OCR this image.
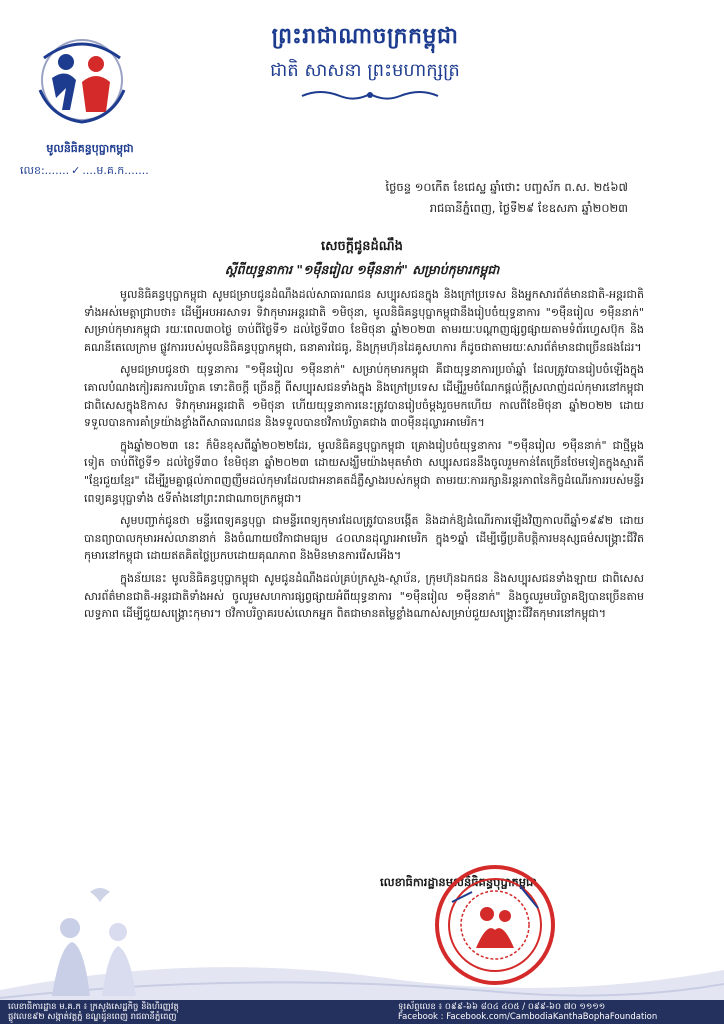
មូលនិធិគន្ធបុប្ផាកម្ពុជា
លេខ:....... ✓ ....ម.គ.ក.......
ព្រះរាជាណាចក្រកម្ពុជា
ជាតិ សាសនា ព្រះមហាក្សត្រ
ថ្ងៃចន្ទ ១០កើត ខែជេស្ឋ ឆ្នាំថោះ បញ្ចស័ក ព.ស. ២៥៦៧
រាជធានីភ្នំពេញ, ថ្ងៃទី២៩ ខែឧសភា ឆ្នាំ២០២៣
សេចក្តីជូនដំណឹង
ស្តីពីយុទ្ធនាការ "១ម៉ឺនរៀល ១ម៉ឺននាក់" សម្រាប់កុមារកម្ពុជា

មូលនិធិគន្ធបុប្ផាកម្ពុជា សូមជម្រាបជូនដំណឹងដល់សាធារណជន សប្បុរសជនក្នុង និងក្រៅប្រទេស និងអ្នកសារព័ត៌មានជាតិ-អន្តរជាតិទាំងអស់មេត្តាជ្រាបថា៖ ដើម្បីអបអរសាទរ ទិវាកុមារអន្តរជាតិ ១មិថុនា, មូលនិធិគន្ធបុប្ផាកម្ពុជានឹងរៀបចំយុទ្ធនាការ "១ម៉ឺនរៀល ១ម៉ឺននាក់" សម្រាប់កុមារកម្ពុជា រយៈពេល៣០ថ្ងៃ ចាប់ពីថ្ងៃទី១ ដល់ថ្ងៃទី៣០ ខែមិថុនា ឆ្នាំ២០២៣ តាមរយៈបណ្តាញផ្សព្វផ្សាយតាមទំព័រហ្វេសប៊ុក និងគណនីតេលេក្រាម ផ្លូវការរបស់មូលនិធិគន្ធបុប្ផាកម្ពុជា, ធនាគារជៃធូ, និងក្រុមហ៊ុនដៃគូសហការ ក៏ដូចជាតាមរយៈសារព័ត៌មានជាច្រើនផងដែរ។

សូមជម្រាបជូនថា យុទ្ធនាការ "១ម៉ឺនរៀល ១ម៉ឺននាក់" សម្រាប់កុមារកម្ពុជា គឺជាយុទ្ធនាការប្រចាំឆ្នាំ ដែលត្រូវបានរៀបចំឡើងក្នុងគោលបំណងកៀរគរការបរិច្ចាគ ទោះតិចក្តី ច្រើនក្តី ពីសប្បុរសជនទាំងក្នុង និងក្រៅប្រទេស ដើម្បីរួមចំណែកផ្តល់ក្តីស្រលាញ់ដល់កុមារនៅកម្ពុជា ជាពិសេសក្នុងឱកាស ទិវាកុមារអន្តរជាតិ ១មិថុនា ហើយយុទ្ធនាការនេះត្រូវបានរៀបចំម្តងរួចមកហើយ កាលពីខែមិថុនា ឆ្នាំ២០២២ ដោយទទួលបានការគាំទ្រយ៉ាងខ្លាំងពីសាធារណជន និងទទួលបានថវិកាបរិច្ចាគជាង ៣០ម៉ឺនដុល្លារអាមេរិក។

ក្នុងឆ្នាំ២០២៣ នេះ ក៏មិនខុសពីឆ្នាំ២០២២ដែរ, មូលនិធិគន្ធបុប្ផាកម្ពុជា គ្រោងរៀបចំយុទ្ធនាការ "១ម៉ឺនរៀល ១ម៉ឺននាក់" ជាថ្មីម្តងទៀត ចាប់ពីថ្ងៃទី១ ដល់ថ្ងៃទី៣០ ខែមិថុនា ឆ្នាំ២០២៣ ដោយសង្ឃឹមយ៉ាងមុតមាំថា សប្បុរសជននឹងចូលរួមកាន់តែច្រើនថែមទៀតក្នុងស្មារតី "ខ្មែរជួយខ្មែរ" ដើម្បីរួមគ្នាផ្តល់ភាពញញឹមដល់កុមារដែលជាអនាគតដ៏ភ្លឺស្វាងរបស់កម្ពុជា តាមរយៈការរក្សានិរន្តរភាពនៃកិច្ចដំណើរការរបស់មន្ទីរពេទ្យគន្ធបុប្ផាទាំង ៥ទីតាំងនៅព្រះរាជាណាចក្រកម្ពុជា។

សូមបញ្ជាក់ជូនថា មន្ទីរពេទ្យគន្ធបុប្ផា ជាមន្ទីរពេទ្យកុមារដែលត្រូវបានបង្កើត និងដាក់ឱ្យដំណើរការឡើងវិញកាលពីឆ្នាំ១៩៩២ ដោយបានព្យាបាលកុមារអស់លានានាក់ និងចំណាយថវិកាជាមធ្យម ៤០លានដុល្លារអាមេរិក ក្នុង១ឆ្នាំ ដើម្បីធ្វើប្រតិបត្តិការមនុស្សធម៌សង្គ្រោះជីវិតកុមារនៅកម្ពុជា ដោយឥតគិតថ្លៃប្រកបដោយគុណភាព និងមិនមានការរើសអើង។

ក្នុងន័យនេះ មូលនិធិគន្ធបុប្ផាកម្ពុជា សូមជូនដំណឹងដល់គ្រប់ក្រសួង-ស្ថាប័ន, ក្រុមហ៊ុនឯកជន និងសប្បុរសជនទាំងឡាយ ជាពិសេសសារព័ត៌មានជាតិ-អន្តរជាតិទាំងអស់ ចូលរួមសហការផ្សព្វផ្សាយអំពីយុទ្ធនាការ "១ម៉ឺនរៀល ១ម៉ឺននាក់" និងចូលរួមបរិច្ចាគឱ្យបានច្រើនតាមលទ្ធភាព ដើម្បីជួយសង្គ្រោះកុមារ។ ថវិកាបរិច្ចាគរបស់លោកអ្នក ពិតជាមានតម្លៃខ្លាំងណាស់សម្រាប់ជួយសង្គ្រោះជីវិតកុមារនៅកម្ពុជា។

លេខាធិការដ្ឋានមូលនិធិគន្ធបុប្ផាកម្ពុជា
លេខាធិការដ្ឋាន ម.គ.ក ៖ ក្រសួងសេដ្ឋកិច្ច និងហិរញ្ញវត្ថុ
ផ្លូវលេខ៩២ សង្កាត់វត្តភ្នំ ខណ្ឌដូនពេញ រាជធានីភ្នំពេញ
ទូរស័ព្ទលេខ ៖ ០៩៩-៦៦ ៨០៤ ៤០៥ / ០៩៩-៦០ ៧០ ១១១១
Facebook : Facebook.com/CambodiaKanthaBophaFoundation
